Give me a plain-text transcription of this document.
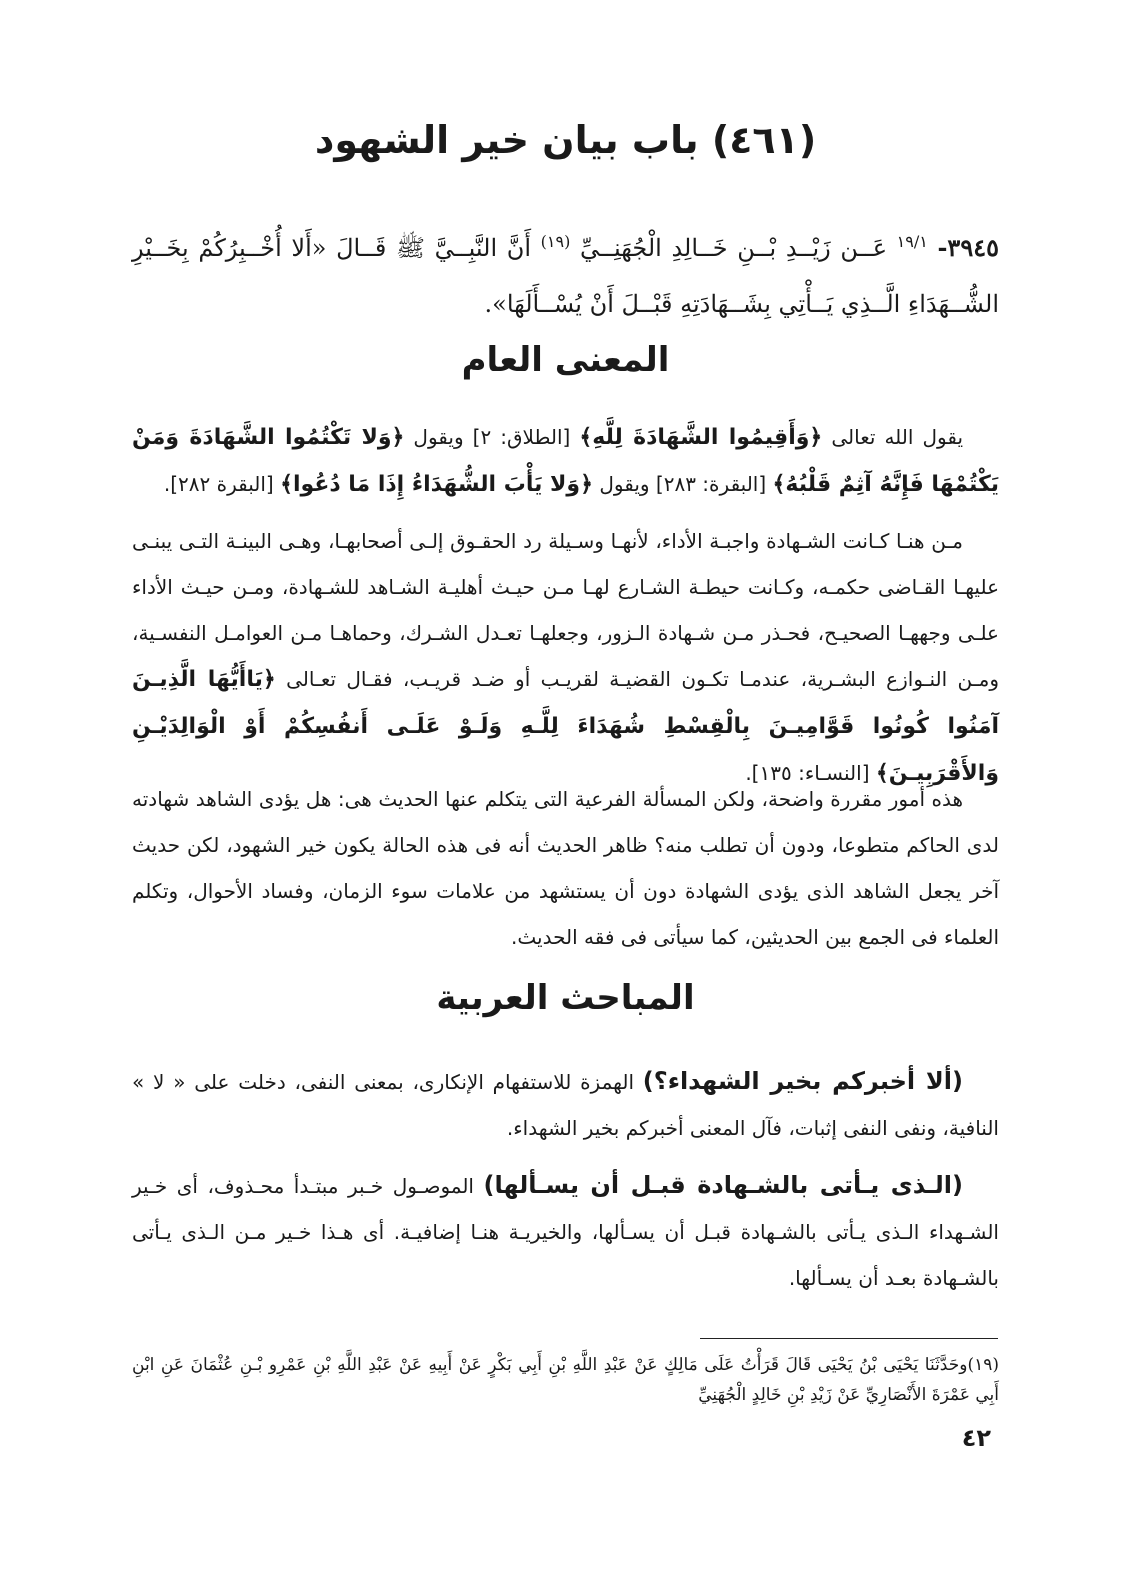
(٤٦١) باب بيان خير الشهود

٣٩٤٥- $^{١٩/١}$ عَــن زَيْــدِ بْــنِ خَــالِدِ الْجُهَنِــيِّ $^{(١٩)}$ أَنَّ النَّبِــيَّ ﷺ قَــالَ «أَلا أُخْــبِرُكُمْ بِخَــيْرِ الشُّــهَدَاءِ الَّــذِي يَــأْتِي بِشَــهَادَتِهِ قَبْــلَ أَنْ يُسْــأَلَهَا».

المعنى العام

يقول الله تعالى ﴿وَأَقِيمُوا الشَّهَادَةَ لِلَّهِ﴾ [الطلاق: ٢] ويقول ﴿وَلا تَكْتُمُوا الشَّهَادَةَ وَمَنْ يَكْتُمْهَا فَإِنَّهُ آثِمٌ قَلْبُهُ﴾ [البقرة: ٢٨٣] ويقول ﴿وَلا يَأْبَ الشُّهَدَاءُ إِذَا مَا دُعُوا﴾ [البقرة ٢٨٢].

مـن هنـا كـانت الشـهادة واجبـة الأداء، لأنهـا وسـيلة رد الحقـوق إلـى أصحابهـا، وهـى البينـة التـى يبنـى عليهـا القـاضى حكمـه، وكـانت حيطـة الشـارع لهـا مـن حيـث أهليـة الشـاهد للشـهادة، ومـن حيـث الأداء علـى وجههـا الصحيـح، فحـذر مـن شـهادة الـزور، وجعلهـا تعـدل الشـرك، وحماهـا مـن العوامـل النفسـية، ومـن النـوازع البشـرية، عندمـا تكـون القضيـة لقريـب أو ضـد قريـب، فقـال تعـالى ﴿يَاأَيُّهَا الَّذِيـنَ آمَنُوا كُونُوا قَوَّامِيـنَ بِالْقِسْطِ شُهَدَاءَ لِلَّـهِ وَلَـوْ عَلَـى أَنفُسِكُمْ أَوْ الْوَالِدَيْـنِ وَالأَقْرَبِيـنَ﴾ [النسـاء: ١٣٥].

هذه أمور مقررة واضحة، ولكن المسألة الفرعية التى يتكلم عنها الحديث هى: هل يؤدى الشاهد شهادته لدى الحاكم متطوعا، ودون أن تطلب منه؟ ظاهر الحديث أنه فى هذه الحالة يكون خير الشهود، لكن حديث آخر يجعل الشاهد الذى يؤدى الشهادة دون أن يستشهد من علامات سوء الزمان، وفساد الأحوال، وتكلم العلماء فى الجمع بين الحديثين، كما سيأتى فى فقه الحديث.

المباحث العربية

(ألا أخبركم بخير الشهداء؟) الهمزة للاستفهام الإنكارى، بمعنى النفى، دخلت على « لا » النافية، ونفى النفى إثبات، فآل المعنى أخبركم بخير الشهداء.

(الـذى يـأتى بالشـهادة قبـل أن يسـألها) الموصـول خـبر مبتـدأ محـذوف، أى خـير الشـهداء الـذى يـأتى بالشـهادة قبـل أن يسـألها، والخيريـة هنـا إضافيـة. أى هـذا خـير مـن الـذى يـأتى بالشـهادة بعـد أن يسـألها.

(١٩)وحَدَّثَنَا يَحْيَى بْنُ يَحْيَى قَالَ قَرَأْتُ عَلَى مَالِكٍ عَنْ عَبْدِ اللَّهِ بْنِ أَبِي بَكْرٍ عَنْ أَبِيهِ عَنْ عَبْدِ اللَّهِ بْنِ عَمْرِو بْـنِ عُثْمَانَ عَنِ ابْنِ أَبِي عَمْرَةَ الأَنْصَارِيِّ عَنْ زَيْدِ بْنِ خَالِدٍ الْجُهَنِيِّ

٤٢
